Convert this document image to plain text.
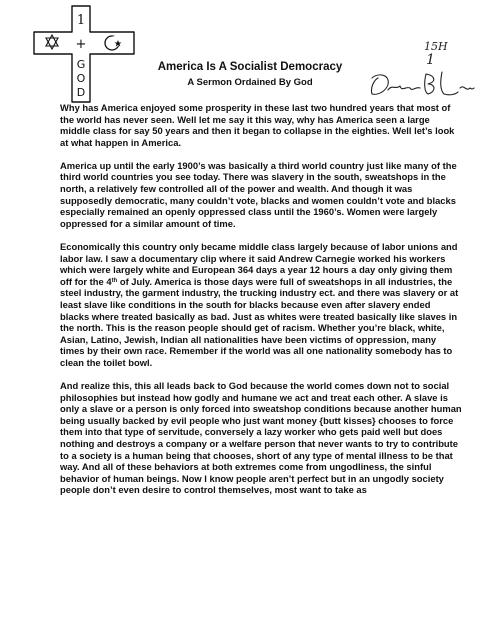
1
+
G
O
D
America Is A Socialist Democracy
A Sermon Ordained By God
15H
1

Why has America enjoyed some prosperity in these last two hundred years that most of the world has never seen. Well let me say it this way, why has America seen a large middle class for say 50 years and then it began to collapse in the eighties. Well let’s look at what happen in America.

America up until the early 1900’s was basically a third world country just like many of the third world countries you see today. There was slavery in the south, sweatshops in the north, a relatively few controlled all of the power and wealth. And though it was supposedly democratic, many couldn’t vote, blacks and women couldn’t vote and blacks especially remained an openly oppressed class until the 1960’s. Women were largely oppressed for a similar amount of time.

Economically this country only became middle class largely because of labor unions and labor law. I saw a documentary clip where it said Andrew Carnegie worked his workers which were largely white and European 364 days a year 12 hours a day only giving them off for the 4th of July. America is those days were full of sweatshops in all industries, the steel industry, the garment industry, the trucking industry ect. and there was slavery or at least slave like conditions in the south for blacks because even after slavery ended blacks where treated basically as bad. Just as whites were treated basically like slaves in the north. This is the reason people should get of racism. Whether you’re black, white, Asian, Latino, Jewish, Indian all nationalities have been victims of oppression, many times by their own race. Remember if the world was all one nationality somebody has to clean the toilet bowl.

And realize this, this all leads back to God because the world comes down not to social philosophies but instead how godly and humane we act and treat each other. A slave is only a slave or a person is only forced into sweatshop conditions because another human being usually backed by evil people who just want money {butt kisses} chooses to force them into that type of servitude, conversely a lazy worker who gets paid well but does nothing and destroys a company or a welfare person that never wants to try to contribute to a society is a human being that chooses, short of any type of mental illness to be that way. And all of these behaviors at both extremes come from ungodliness, the sinful behavior of human beings. Now I know people aren’t perfect but in an ungodly society people don’t even desire to control themselves, most want to take as
